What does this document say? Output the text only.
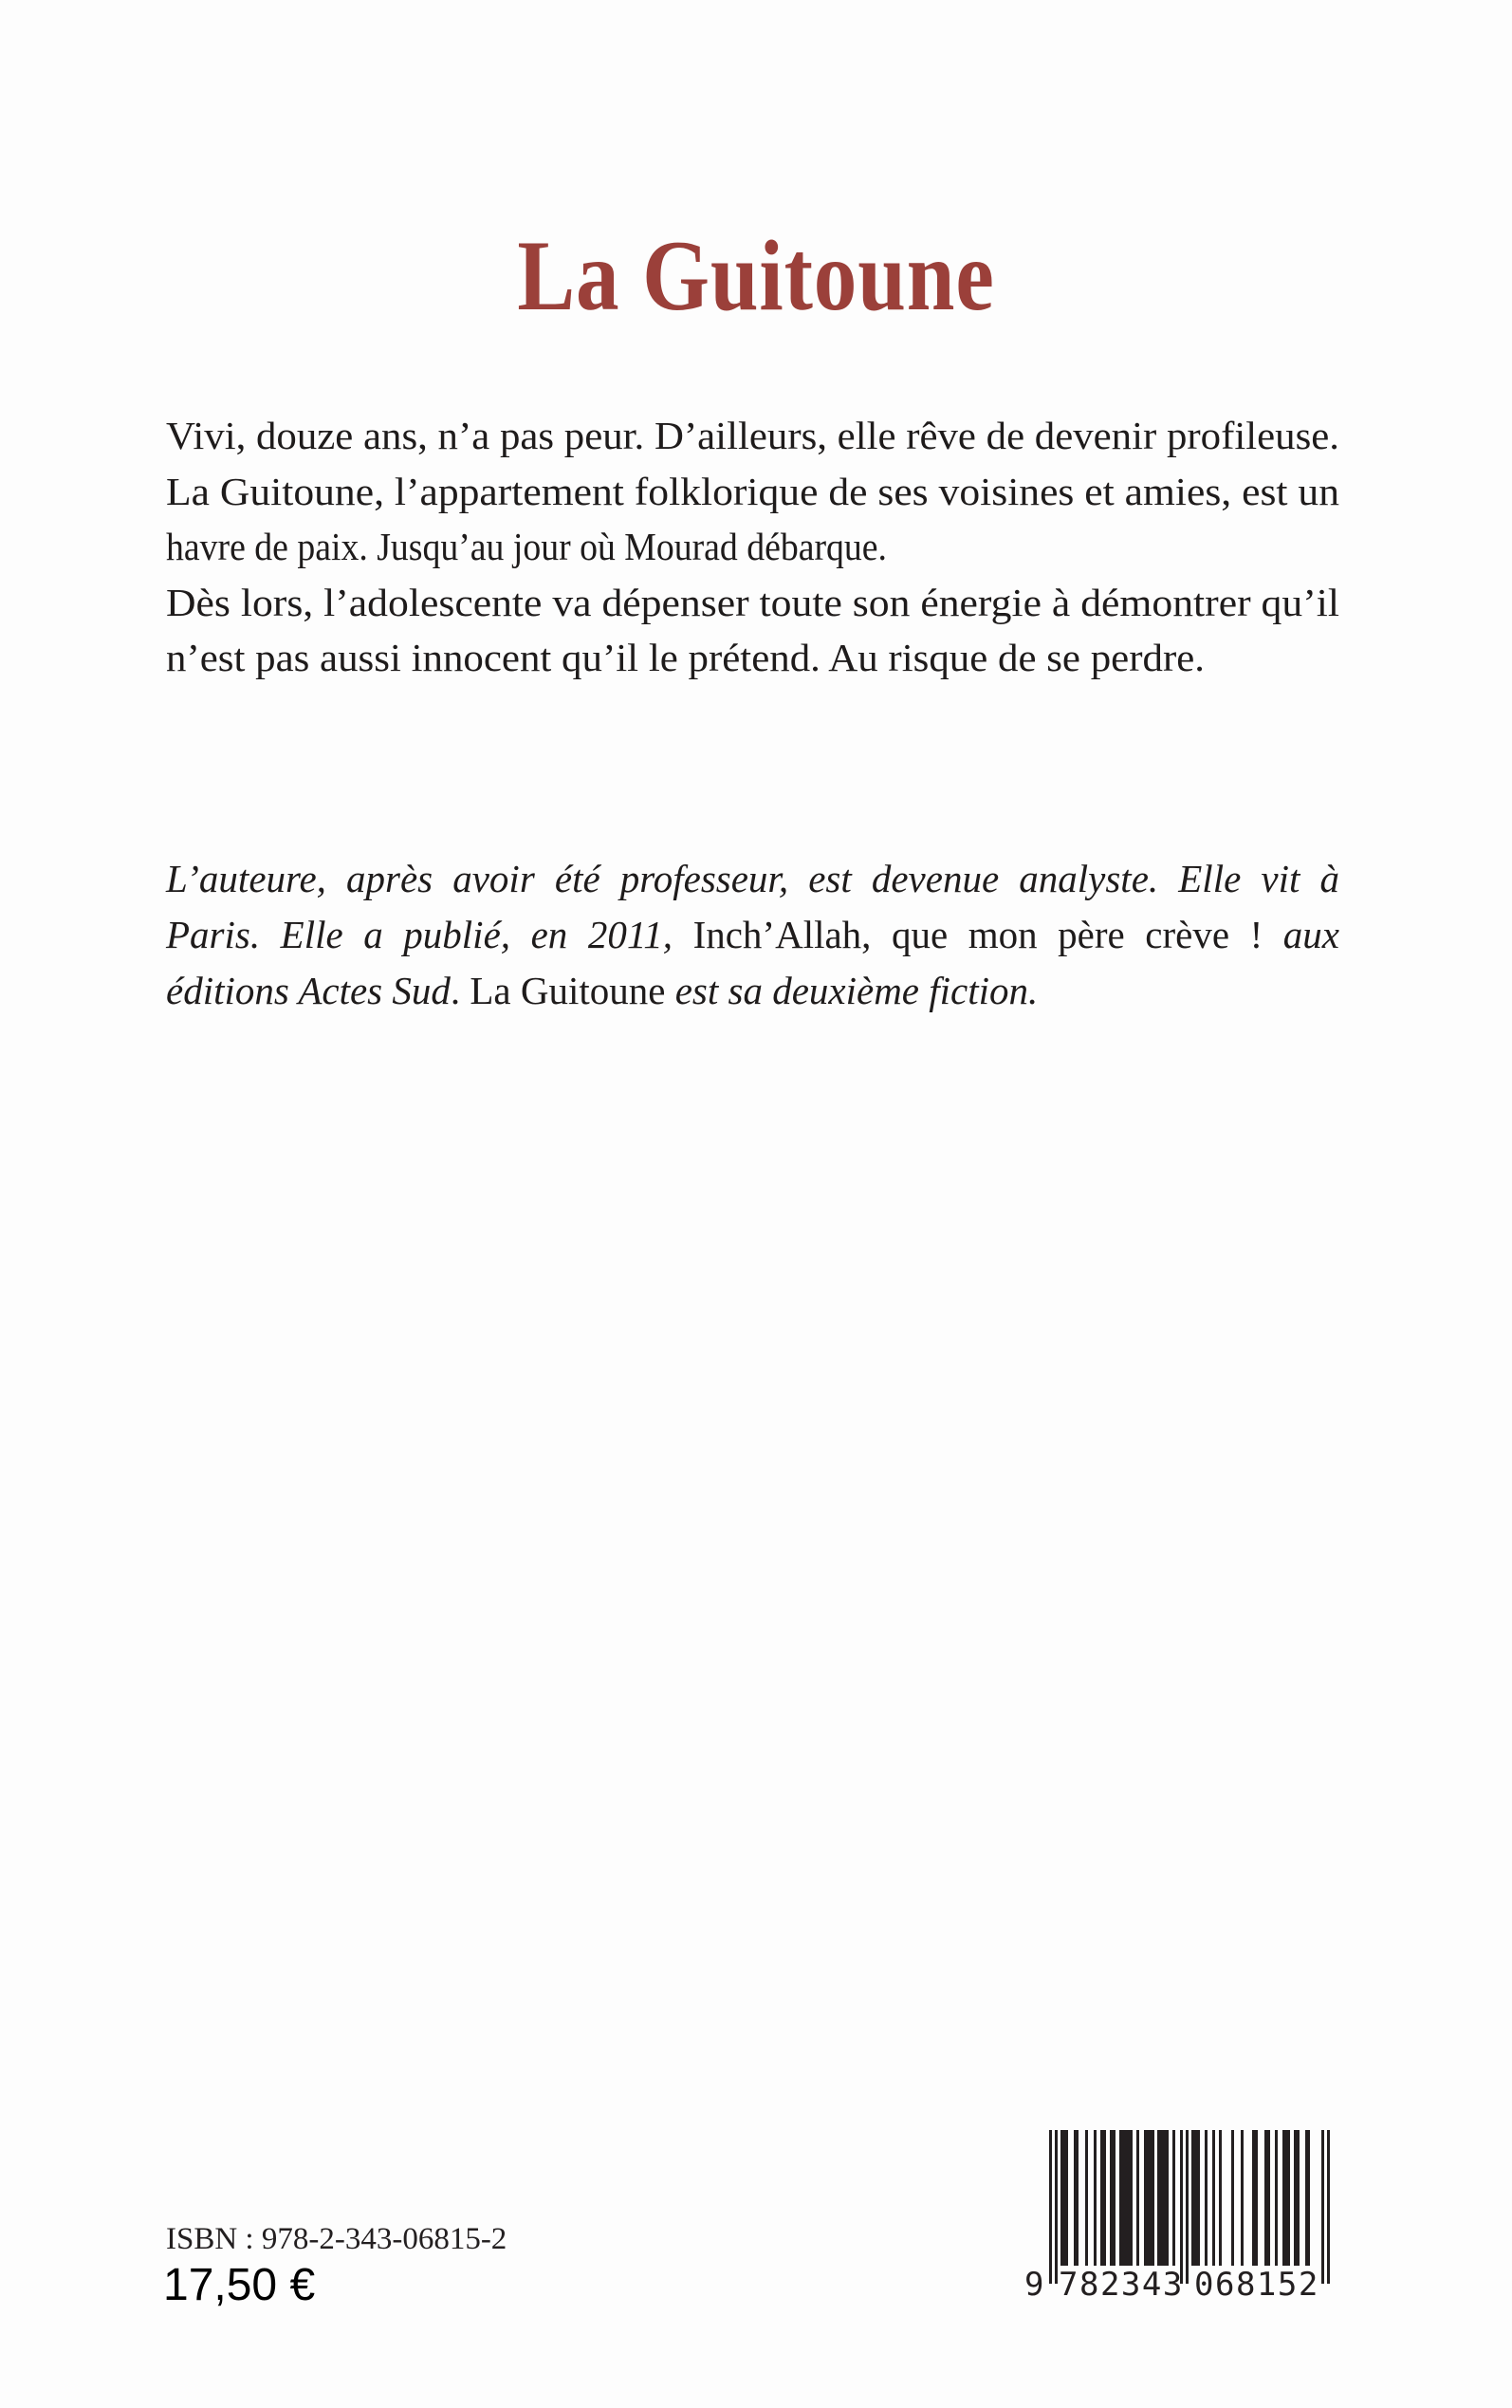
La Guitoune
Vivi, douze ans, n’a pas peur. D’ailleurs, elle rêve de devenir profileuse.
La Guitoune, l’appartement folklorique de ses voisines et amies, est un
havre de paix. Jusqu’au jour où Mourad débarque.
Dès lors, l’adolescente va dépenser toute son énergie à démontrer qu’il
n’est pas aussi innocent qu’il le prétend. Au risque de se perdre.

L’auteure, après avoir été professeur, est devenue analyste. Elle vit à Paris. Elle a publié, en 2011, Inch’Allah, que mon père crève ! aux éditions Actes Sud. La Guitoune est sa deuxième fiction.

ISBN : 978-2-343-06815-2
17,50 €	9 782343 068152
